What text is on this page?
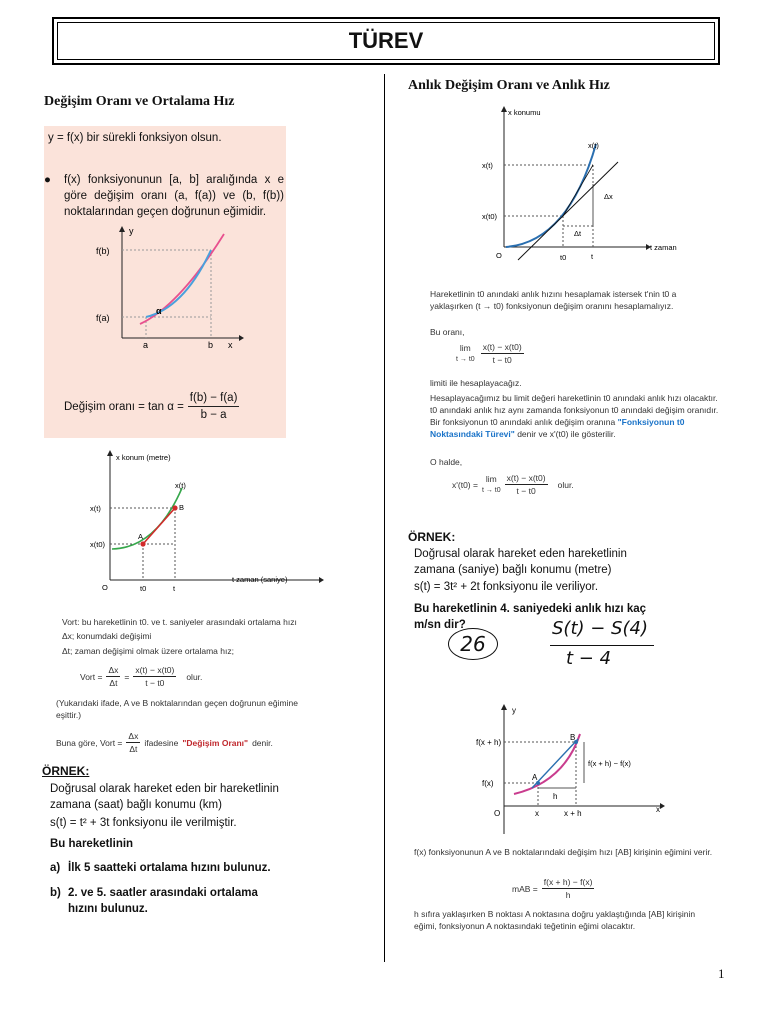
TÜREV
Değişim Oranı ve Ortalama Hız
y = f(x) bir sürekli fonksiyon olsun.
● f(x) fonksiyonunun [a, b] aralığında x e göre değişim oranı (a, f(a)) ve (b, f(b)) noktalarından geçen doğrunun eğimidir.
y
f(b)
f(a)
a	b x
α
Değişim oranı = $\tan \alpha = \frac{f(b) - f(a)}{b - a}$
x konum (metre)
t zaman (saniye)
x(t)
x(t)
x(t0)
A
B
O	t0	t
Vort: bu hareketlinin t0. ve t. saniyeler arasındaki ortalama hızı
Δx; konumdaki değişimi
Δt; zaman değişimi olmak üzere ortalama hız;
Vort = $\frac{\Delta x}{\Delta t} = \frac{x(t) - x(t0)}{t - t0}$ olur.
(Yukarıdaki ifade, A ve B noktalarından geçen doğrunun eğimine eşittir.)
Buna göre, Vort = $\frac{\Delta x}{\Delta t}$ ifadesine "Değişim Oranı" denir.
ÖRNEK:
Doğrusal olarak hareket eden bir hareketlinin zamana (saat) bağlı konumu (km)
s(t) = t² + 3t fonksiyonu ile verilmiştir.
Bu hareketlinin
a) İlk 5 saatteki ortalama hızını bulunuz.
b) 2. ve 5. saatler arasındaki ortalama hızını bulunuz.
Anlık Değişim Oranı ve Anlık Hız
x konumu
t zaman
x(t)
x(t)
x(t0)
Δx
Δt
O	t0	t
Hareketlinin t0 anındaki anlık hızını hesaplamak istersek t'nin t0 a yaklaşırken (t → t0) fonksiyonun değişim oranını hesaplamalıyız.
Bu oranı,
lim
$t \to t0 \frac{x(t) - x(t0)}{t - t0}$
limiti ile hesaplayacağız.
Hesaplayacağımız bu limit değeri hareketlinin t0 anındaki anlık hızı olacaktır. t0 anındaki anlık hız aynı zamanda fonksiyonun t0 anındaki değişim oranıdır. Bir fonksiyonun t0 anındaki anlık değişim oranına "Fonksiyonun t0 Noktasındaki Türevi" denir ve x'(t0) ile gösterilir.
O halde,
x'(t0) =
lim
$t \to t0 \frac{x(t) - x(t0)}{t - t0}$ olur.
ÖRNEK:
Doğrusal olarak hareket eden hareketlinin zamana (saniye) bağlı konumu (metre)
s(t) = 3t² + 2t fonksiyonu ile veriliyor.
Bu hareketlinin 4. saniyedeki anlık hızı kaç m/sn dir?
26
S(t) − S(4)
t − 4
y
x
f(x + h)
f(x)
A
B
f(x + h) − f(x)
h
O	x	x + h
f(x) fonksiyonunun A ve B noktalarındaki değişim hızı [AB] kirişinin eğimini verir.
mAB = $\frac{f(x + h) - f(x)}{h}$
h sıfıra yaklaşırken B noktası A noktasına doğru yaklaştığında [AB] kirişinin eğimi, fonksiyonun A noktasındaki teğetinin eğimi olacaktır.
1
